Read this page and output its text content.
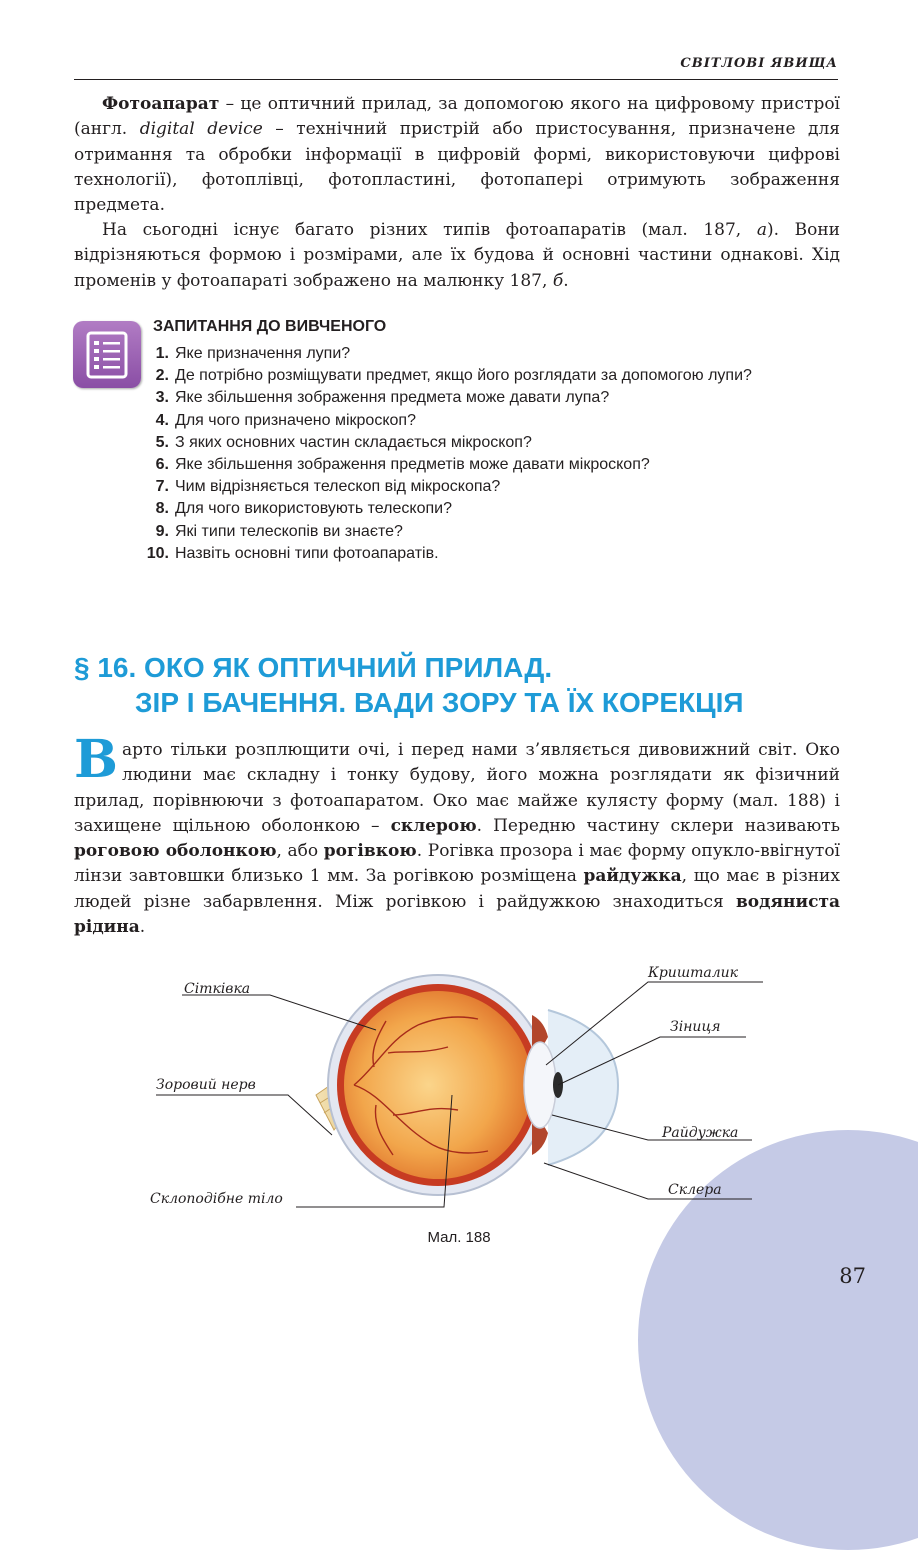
СВІТЛОВІ ЯВИЩА

Фотоапарат – це оптичний прилад, за допомогою якого на цифровому пристрої (англ. digital device – технічний пристрій або пристосування, призначене для отримання та обробки інформації в цифровій формі, використовуючи цифрові технології), фотоплівці, фотопластині, фотопапері отримують зображення предмета.

На сьогодні існує багато різних типів фотоапаратів (мал. 187, а). Вони відрізняються формою і розмірами, але їх будова й основні частини однакові. Хід променів у фотоапараті зображено на малюнку 187, б.

ЗАПИТАННЯ ДО ВИВЧЕНОГО
1. Яке призначення лупи?
2. Де потрібно розміщувати предмет, якщо його розглядати за допомогою лупи?
3. Яке збільшення зображення предмета може давати лупа?
4. Для чого призначено мікроскоп?
5. З яких основних частин складається мікроскоп?
6. Яке збільшення зображення предметів може давати мікроскоп?
7. Чим відрізняється телескоп від мікроскопа?
8. Для чого використовують телескопи?
9. Які типи телескопів ви знаєте?
10. Назвіть основні типи фотоапаратів.
§ 16. ОКО ЯК ОПТИЧНИЙ ПРИЛАД.
ЗІР І БАЧЕННЯ. ВАДИ ЗОРУ ТА ЇХ КОРЕКЦІЯ

Варто тільки розплющити очі, і перед нами з’являється дивовижний світ. Око людини має складну і тонку будову, його можна розглядати як фізичний прилад, порівнюючи з фотоапаратом. Око має майже кулясту форму (мал. 188) і захищене щільною оболонкою – склерою. Передню частину склери називають роговою оболонкою, або рогівкою. Рогівка прозора і має форму опукло-ввігнутої лінзи завтовшки близько 1 мм. За рогівкою розміщена райдужка, що має в різних людей різне забарвлення. Між рогівкою і райдужкою знаходиться водяниста рідина.

Сітківка
Зоровий нерв
Склоподібне тіло
Кришталик
Зіниця
Райдужка
Склера
Мал. 188
87
